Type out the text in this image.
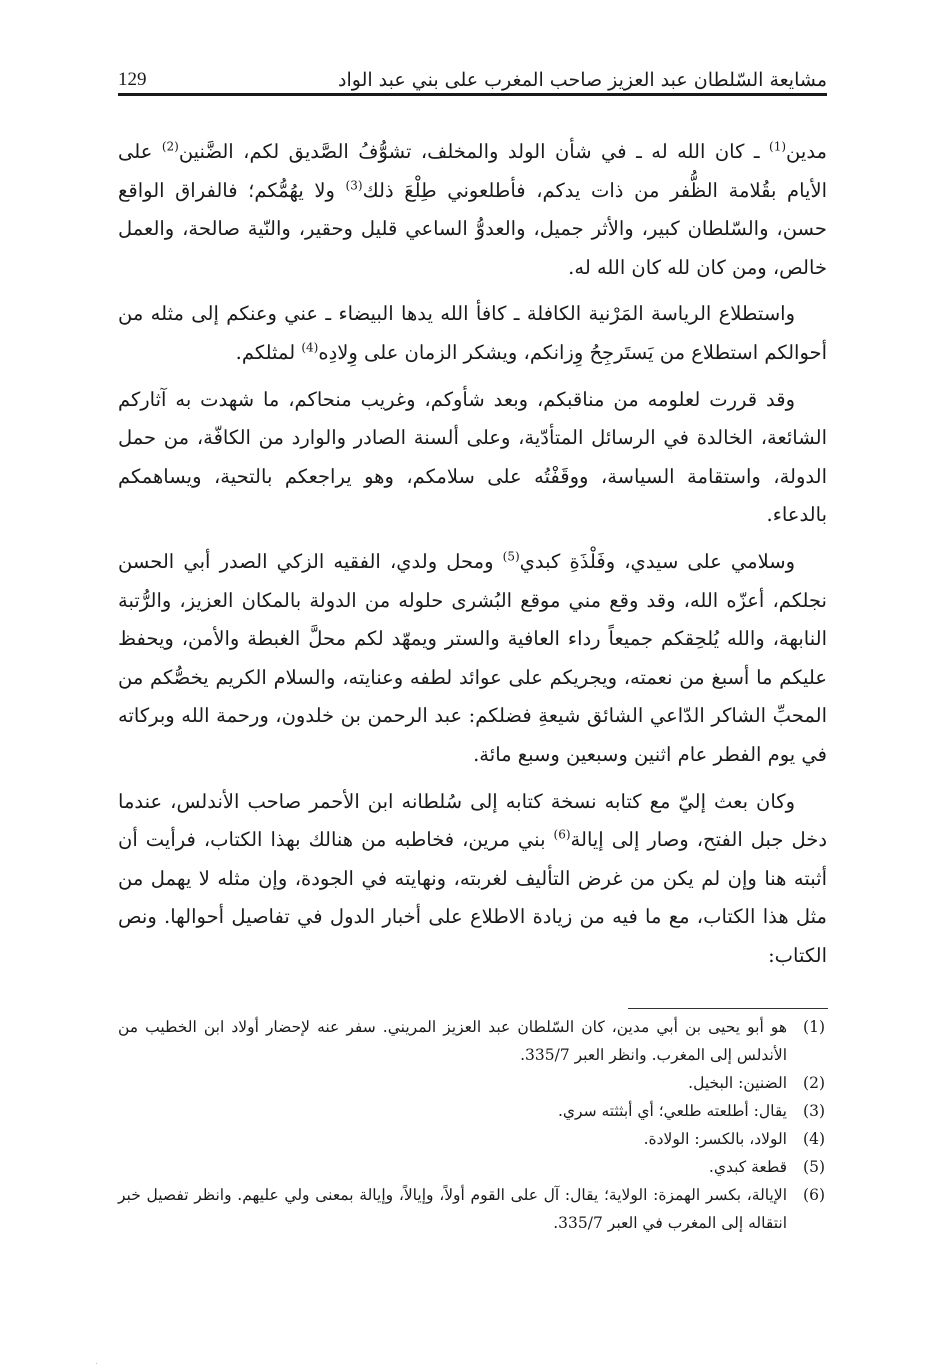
مشايعة السّلطان عبد العزيز صاحب المغرب على بني عبد الواد
129

مدين$^{(1)}$ ـ كان الله له ـ في شأن الولد والمخلف، تشوُّفُ الصَّديق لكم، الضَّنين$^{(2)}$ على الأيام بقُلامة الظُّفر من ذات يدكم، فأطلعوني طِلْعَ ذلك$^{(3)}$ ولا يهُمُّكم؛ فالفراق الواقع حسن، والسّلطان كبير، والأثر جميل، والعدوُّ الساعي قليل وحقير، والنّية صالحة، والعمل خالص، ومن كان لله كان الله له.

واستطلاع الرياسة المَرْنية الكافلة ـ كافأ الله يدها البيضاء ـ عني وعنكم إلى مثله من أحوالكم استطلاع من يَستَرجِحُ وِزانكم، ويشكر الزمان على وِلادِه$^{(4)}$ لمثلكم.

وقد قررت لعلومه من مناقبكم، وبعد شأوكم، وغريب منحاكم، ما شهدت به آثاركم الشائعة، الخالدة في الرسائل المتأدّية، وعلى ألسنة الصادر والوارد من الكافّة، من حمل الدولة، واستقامة السياسة، ووقَفْتُه على سلامكم، وهو يراجعكم بالتحية، ويساهمكم بالدعاء.

وسلامي على سيدي، وفَلْذَةِ كبدي$^{(5)}$ ومحل ولدي، الفقيه الزكي الصدر أبي الحسن نجلكم، أعزّه الله، وقد وقع مني موقع البُشرى حلوله من الدولة بالمكان العزيز، والرُّتبة النابهة، والله يُلحِقكم جميعاً رداء العافية والستر ويمهّد لكم محلَّ الغبطة والأمن، ويحفظ عليكم ما أسبغ من نعمته، ويجريكم على عوائد لطفه وعنايته، والسلام الكريم يخصُّكم من المحبِّ الشاكر الدّاعي الشائق شيعةِ فضلكم: عبد الرحمن بن خلدون، ورحمة الله وبركاته في يوم الفطر عام اثنين وسبعين وسبع مائة.

وكان بعث إليّ مع كتابه نسخة كتابه إلى سُلطانه ابن الأحمر صاحب الأندلس، عندما دخل جبل الفتح، وصار إلى إيالة$^{(6)}$ بني مرين، فخاطبه من هنالك بهذا الكتاب، فرأيت أن أثبته هنا وإن لم يكن من غرض التأليف لغربته، ونهايته في الجودة، وإن مثله لا يهمل من مثل هذا الكتاب، مع ما فيه من زيادة الاطلاع على أخبار الدول في تفاصيل أحوالها. ونص الكتاب:

(1)
هو أبو يحيى بن أبي مدين، كان السّلطان عبد العزيز المريني. سفر عنه لإحضار أولاد ابن الخطيب من الأندلس إلى المغرب. وانظر العبر 335/7.
(2)
الضنين: البخيل.
(3)
يقال: أطلعته طلعي؛ أي أبثثته سري.
(4)
الولاد، بالكسر: الولادة.
(5)
قطعة كبدي.
(6)
الإيالة، بكسر الهمزة: الولاية؛ يقال: آل على القوم أولاً، وإيالاً، وإيالة بمعنى ولي عليهم. وانظر تفصيل خبر انتقاله إلى المغرب في العبر 335/7.
